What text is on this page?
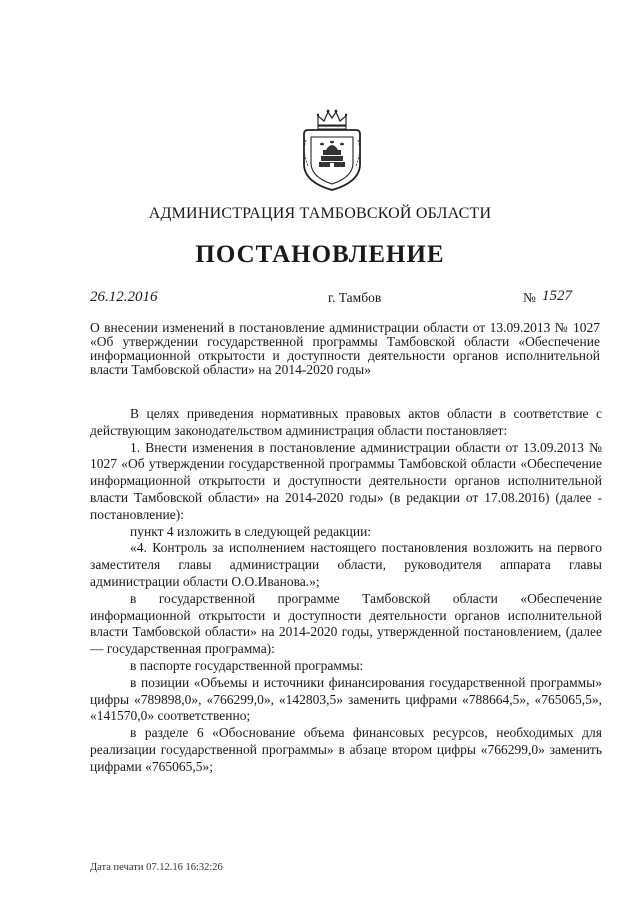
АДМИНИСТРАЦИЯ ТАМБОВСКОЙ ОБЛАСТИ
ПОСТАНОВЛЕНИЕ
26.12.2016	г. Тамбов	№ 1527
О внесении изменений в постановление администрации области от 13.09.2013 № 1027 «Об утверждении государственной программы Тамбовской области «Обеспечение информационной открытости и доступности деятельности органов исполнительной власти Тамбовской области» на 2014-2020 годы»

В целях приведения нормативных правовых актов области в соответствие с действующим законодательством администрация области постановляет:

1. Внести изменения в постановление администрации области от 13.09.2013 № 1027 «Об утверждении государственной программы Тамбовской области «Обеспечение информационной открытости и доступности деятельности органов исполнительной власти Тамбовской области» на 2014-2020 годы» (в редакции от 17.08.2016) (далее - постановление):

пункт 4 изложить в следующей редакции:

«4. Контроль за исполнением настоящего постановления возложить на первого заместителя главы администрации области, руководителя аппарата главы администрации области О.О.Иванова.»;

в государственной программе Тамбовской области «Обеспечение информационной открытости и доступности деятельности органов исполнительной власти Тамбовской области» на 2014-2020 годы, утвержденной постановлением, (далее — государственная программа):

в паспорте государственной программы:

в позиции «Объемы и источники финансирования государственной программы» цифры «789898,0», «766299,0», «142803,5» заменить цифрами «788664,5», «765065,5», «141570,0» соответственно;

в разделе 6 «Обоснование объема финансовых ресурсов, необходимых для реализации государственной программы» в абзаце втором цифры «766299,0» заменить цифрами «765065,5»;

Дата печати 07.12.16 16:32:26
